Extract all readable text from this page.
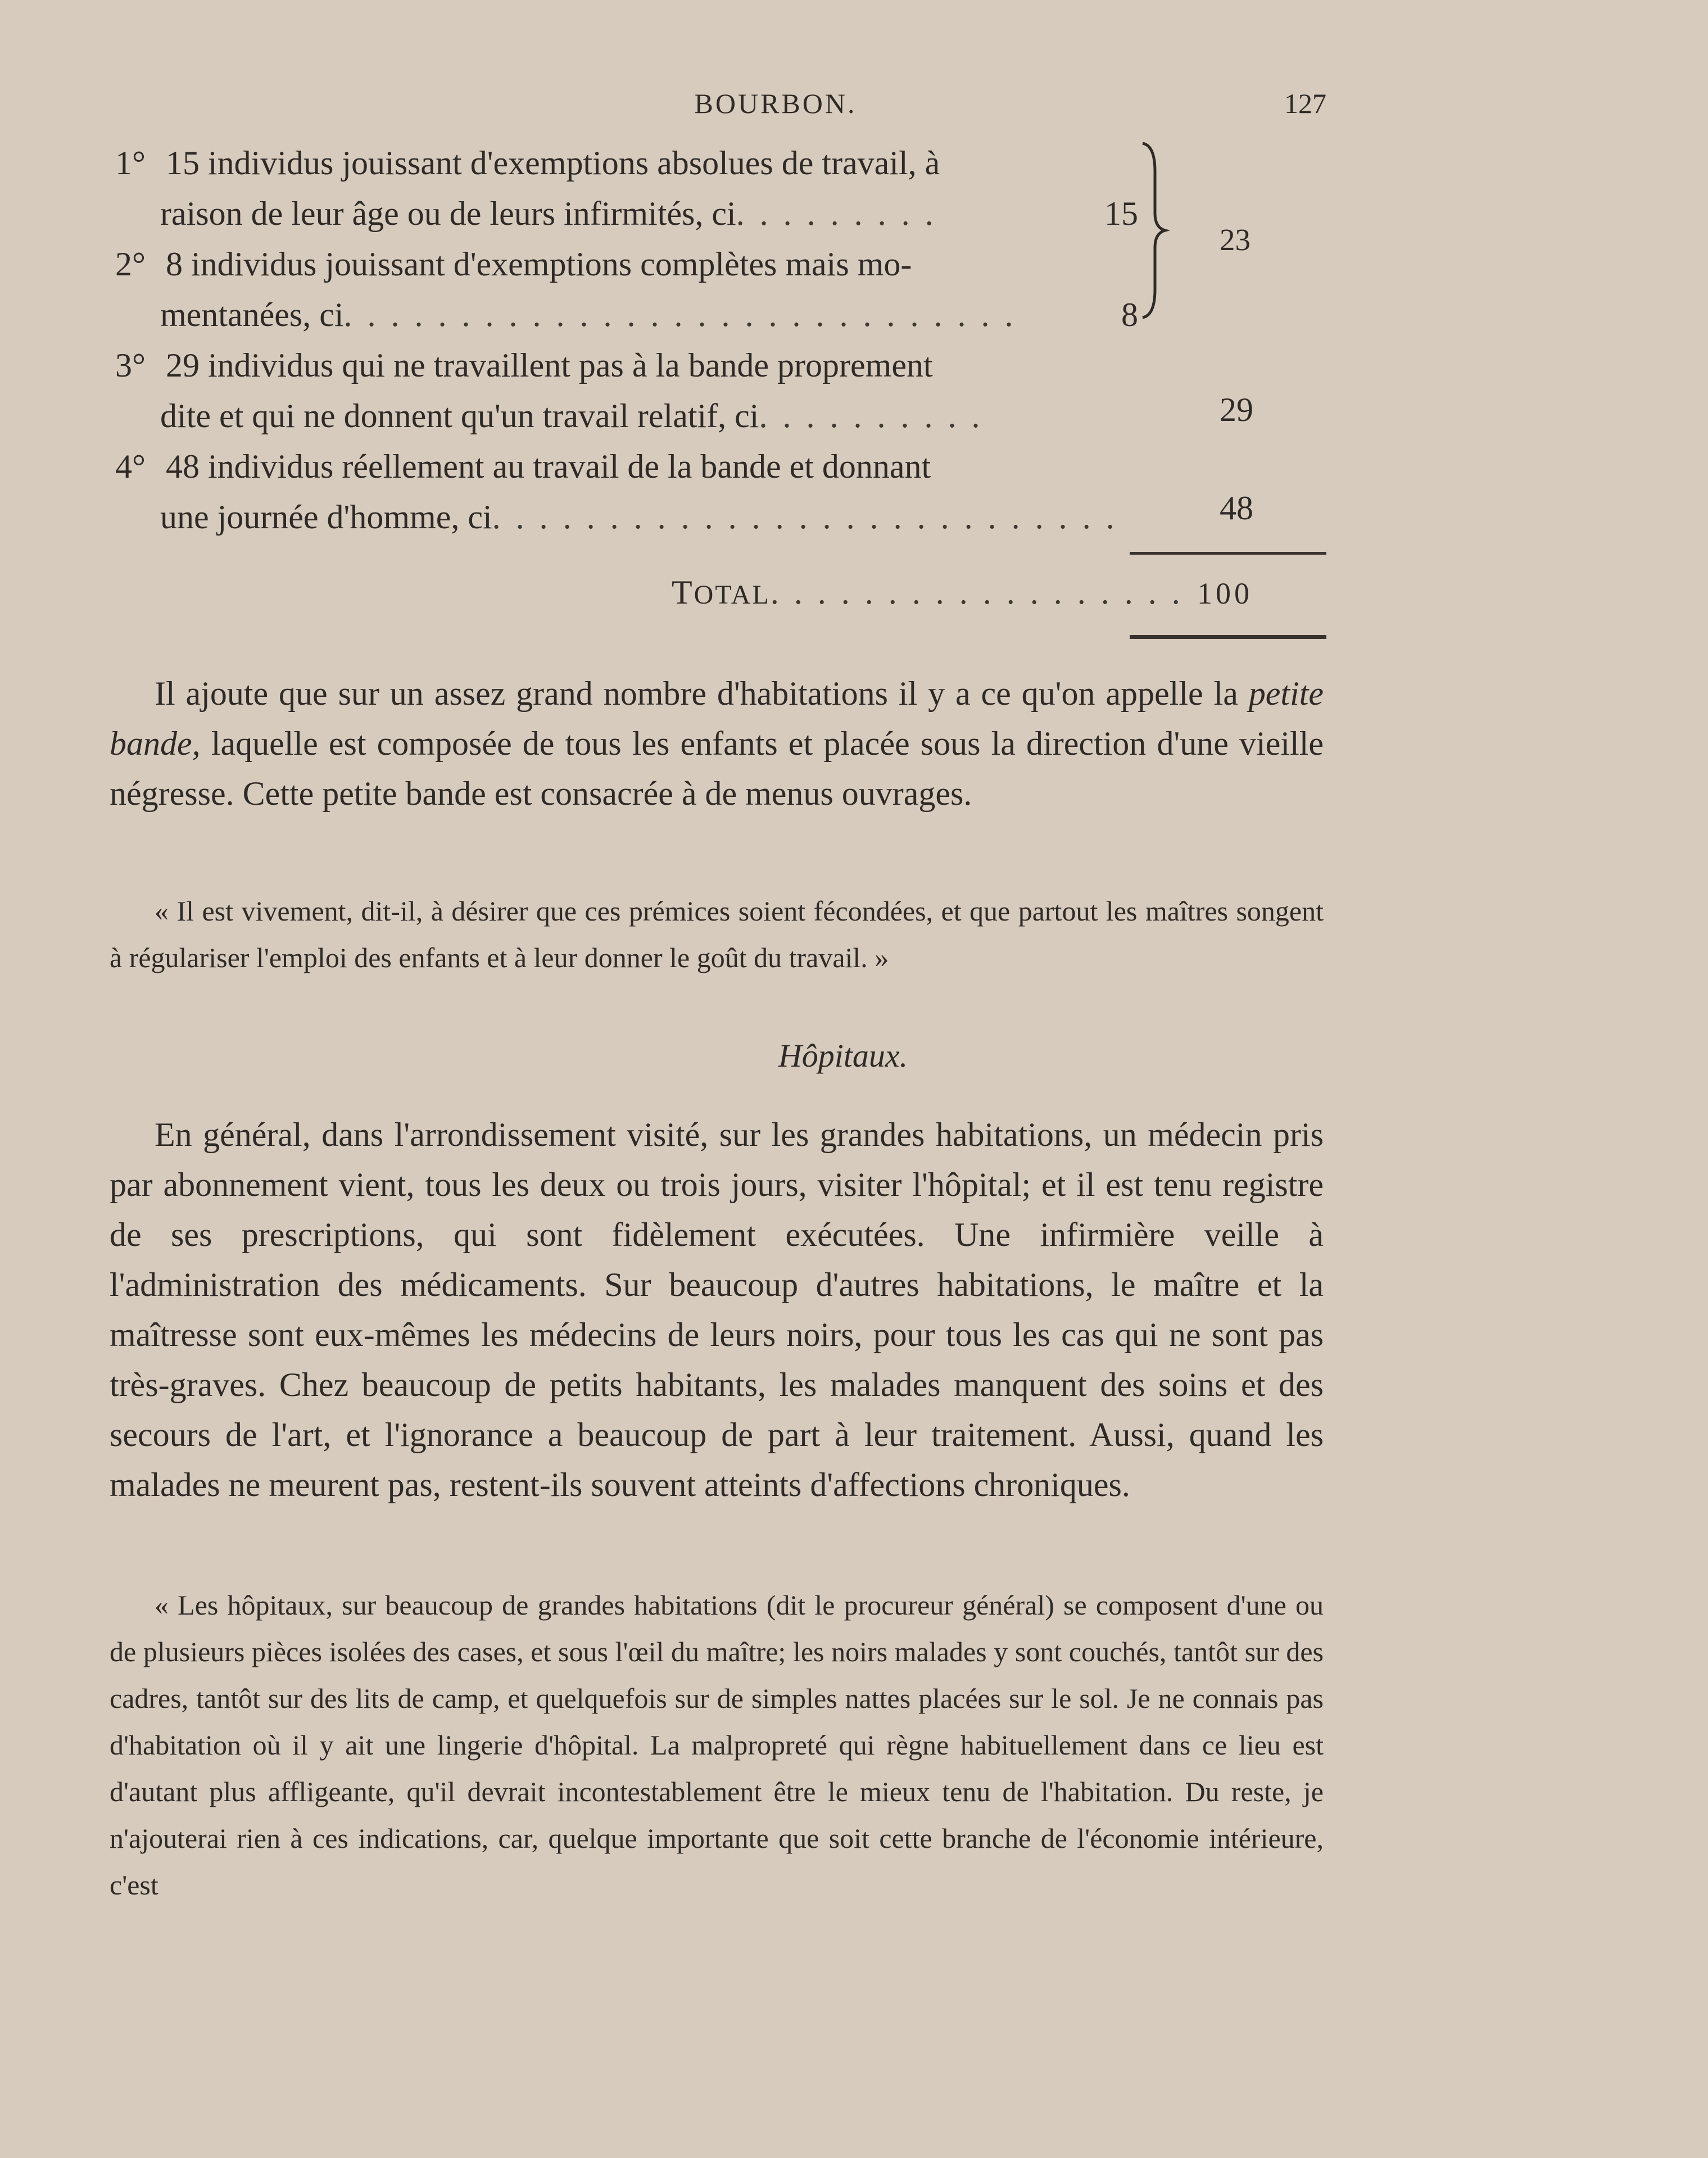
BOURBON.	127
1° 15 individus jouissant d'exemptions absolues de travail, à
raison de leur âge ou de leurs infirmités, ci. . . . . . . . .	15
2° 8 individus jouissant d'exemptions complètes mais mo-
mentanées, ci. . . . . . . . . . . . . . . . . . . . . . . . . . . . .	8
23
3° 29 individus qui ne travaillent pas à la bande proprement
dite et qui ne donnent qu'un travail relatif, ci. . . . . . . . . .	29
4° 48 individus réellement au travail de la bande et donnant
une journée d'homme, ci. . . . . . . . . . . . . . . . . . . . . . . . . . .	48
TOTAL. . . . . . . . . . . . . . . . . . 100

Il ajoute que sur un assez grand nombre d'habitations il y a ce qu'on appelle la petite bande, laquelle est composée de tous les enfants et placée sous la direction d'une vieille négresse. Cette petite bande est consacrée à de menus ouvrages.

« Il est vivement, dit-il, à désirer que ces prémices soient fécondées, et que partout les maîtres songent à régulariser l'emploi des enfants et à leur donner le goût du travail. »

Hôpitaux.

En général, dans l'arrondissement visité, sur les grandes habitations, un médecin pris par abonnement vient, tous les deux ou trois jours, visiter l'hôpital; et il est tenu registre de ses prescriptions, qui sont fidèlement exécutées. Une infirmière veille à l'administration des médicaments. Sur beaucoup d'autres habitations, le maître et la maîtresse sont eux-mêmes les médecins de leurs noirs, pour tous les cas qui ne sont pas très-graves. Chez beaucoup de petits habitants, les malades manquent des soins et des secours de l'art, et l'ignorance a beaucoup de part à leur traitement. Aussi, quand les malades ne meurent pas, restent-ils souvent atteints d'affections chroniques.

« Les hôpitaux, sur beaucoup de grandes habitations (dit le procureur général) se composent d'une ou de plusieurs pièces isolées des cases, et sous l'œil du maître; les noirs malades y sont couchés, tantôt sur des cadres, tantôt sur des lits de camp, et quelquefois sur de simples nattes placées sur le sol. Je ne connais pas d'habitation où il y ait une lingerie d'hôpital. La malpropreté qui règne habituellement dans ce lieu est d'autant plus affligeante, qu'il devrait incontestablement être le mieux tenu de l'habitation. Du reste, je n'ajouterai rien à ces indications, car, quelque importante que soit cette branche de l'économie intérieure, c'est
